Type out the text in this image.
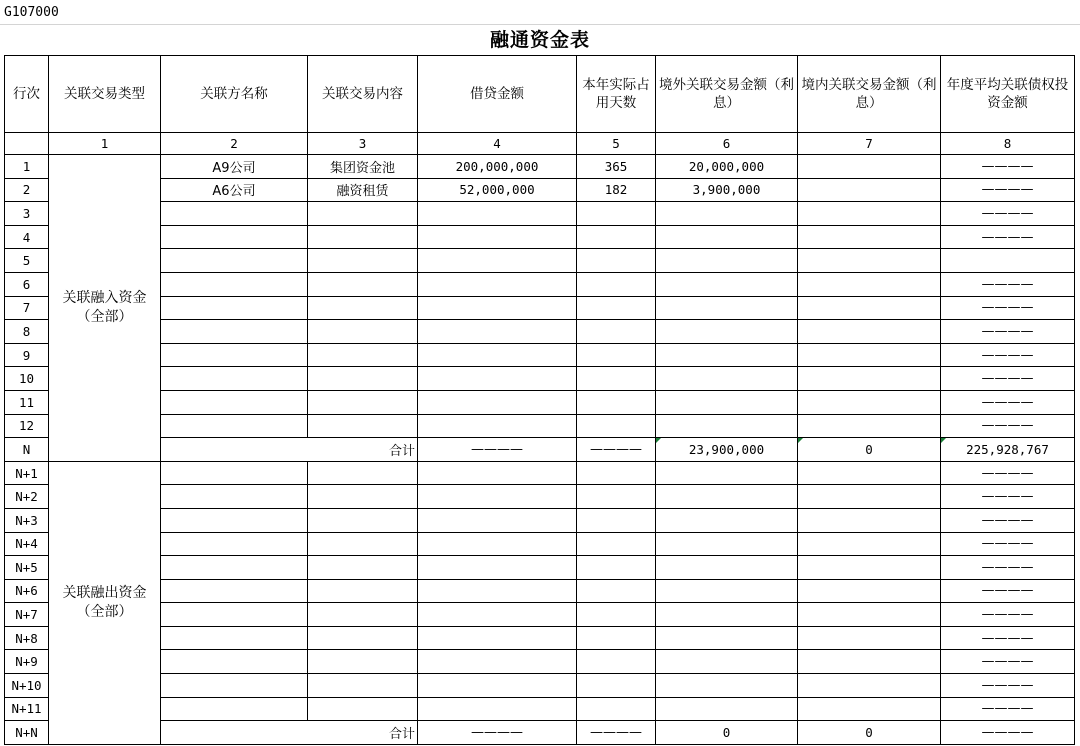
G107000
融通资金表
行次	关联交易类型	关联方名称	关联交易内容	借贷金额	本年实际占用天数	境外关联交易金额（利息）	境内关联交易金额（利息）	年度平均关联债权投资金额
	1	2	3	4	5	6	7	8
1	关联融入资金（全部）	A9公司	集团资金池	200,000,000	365	20,000,000		————
2		A6公司	融资租赁	52,000,000	182	3,900,000		————
3								————
4								————
5								
6								————
7								————
8								————
9								————
10								————
11								————
12								————
N		合计		————	————	23,900,000	0	225,928,767
N+1	关联融出资金（全部）							————
N+2								————
N+3								————
N+4								————
N+5								————
N+6								————
N+7								————
N+8								————
N+9								————
N+10								————
N+11								————
N+N		合计		————	————	0	0	————
